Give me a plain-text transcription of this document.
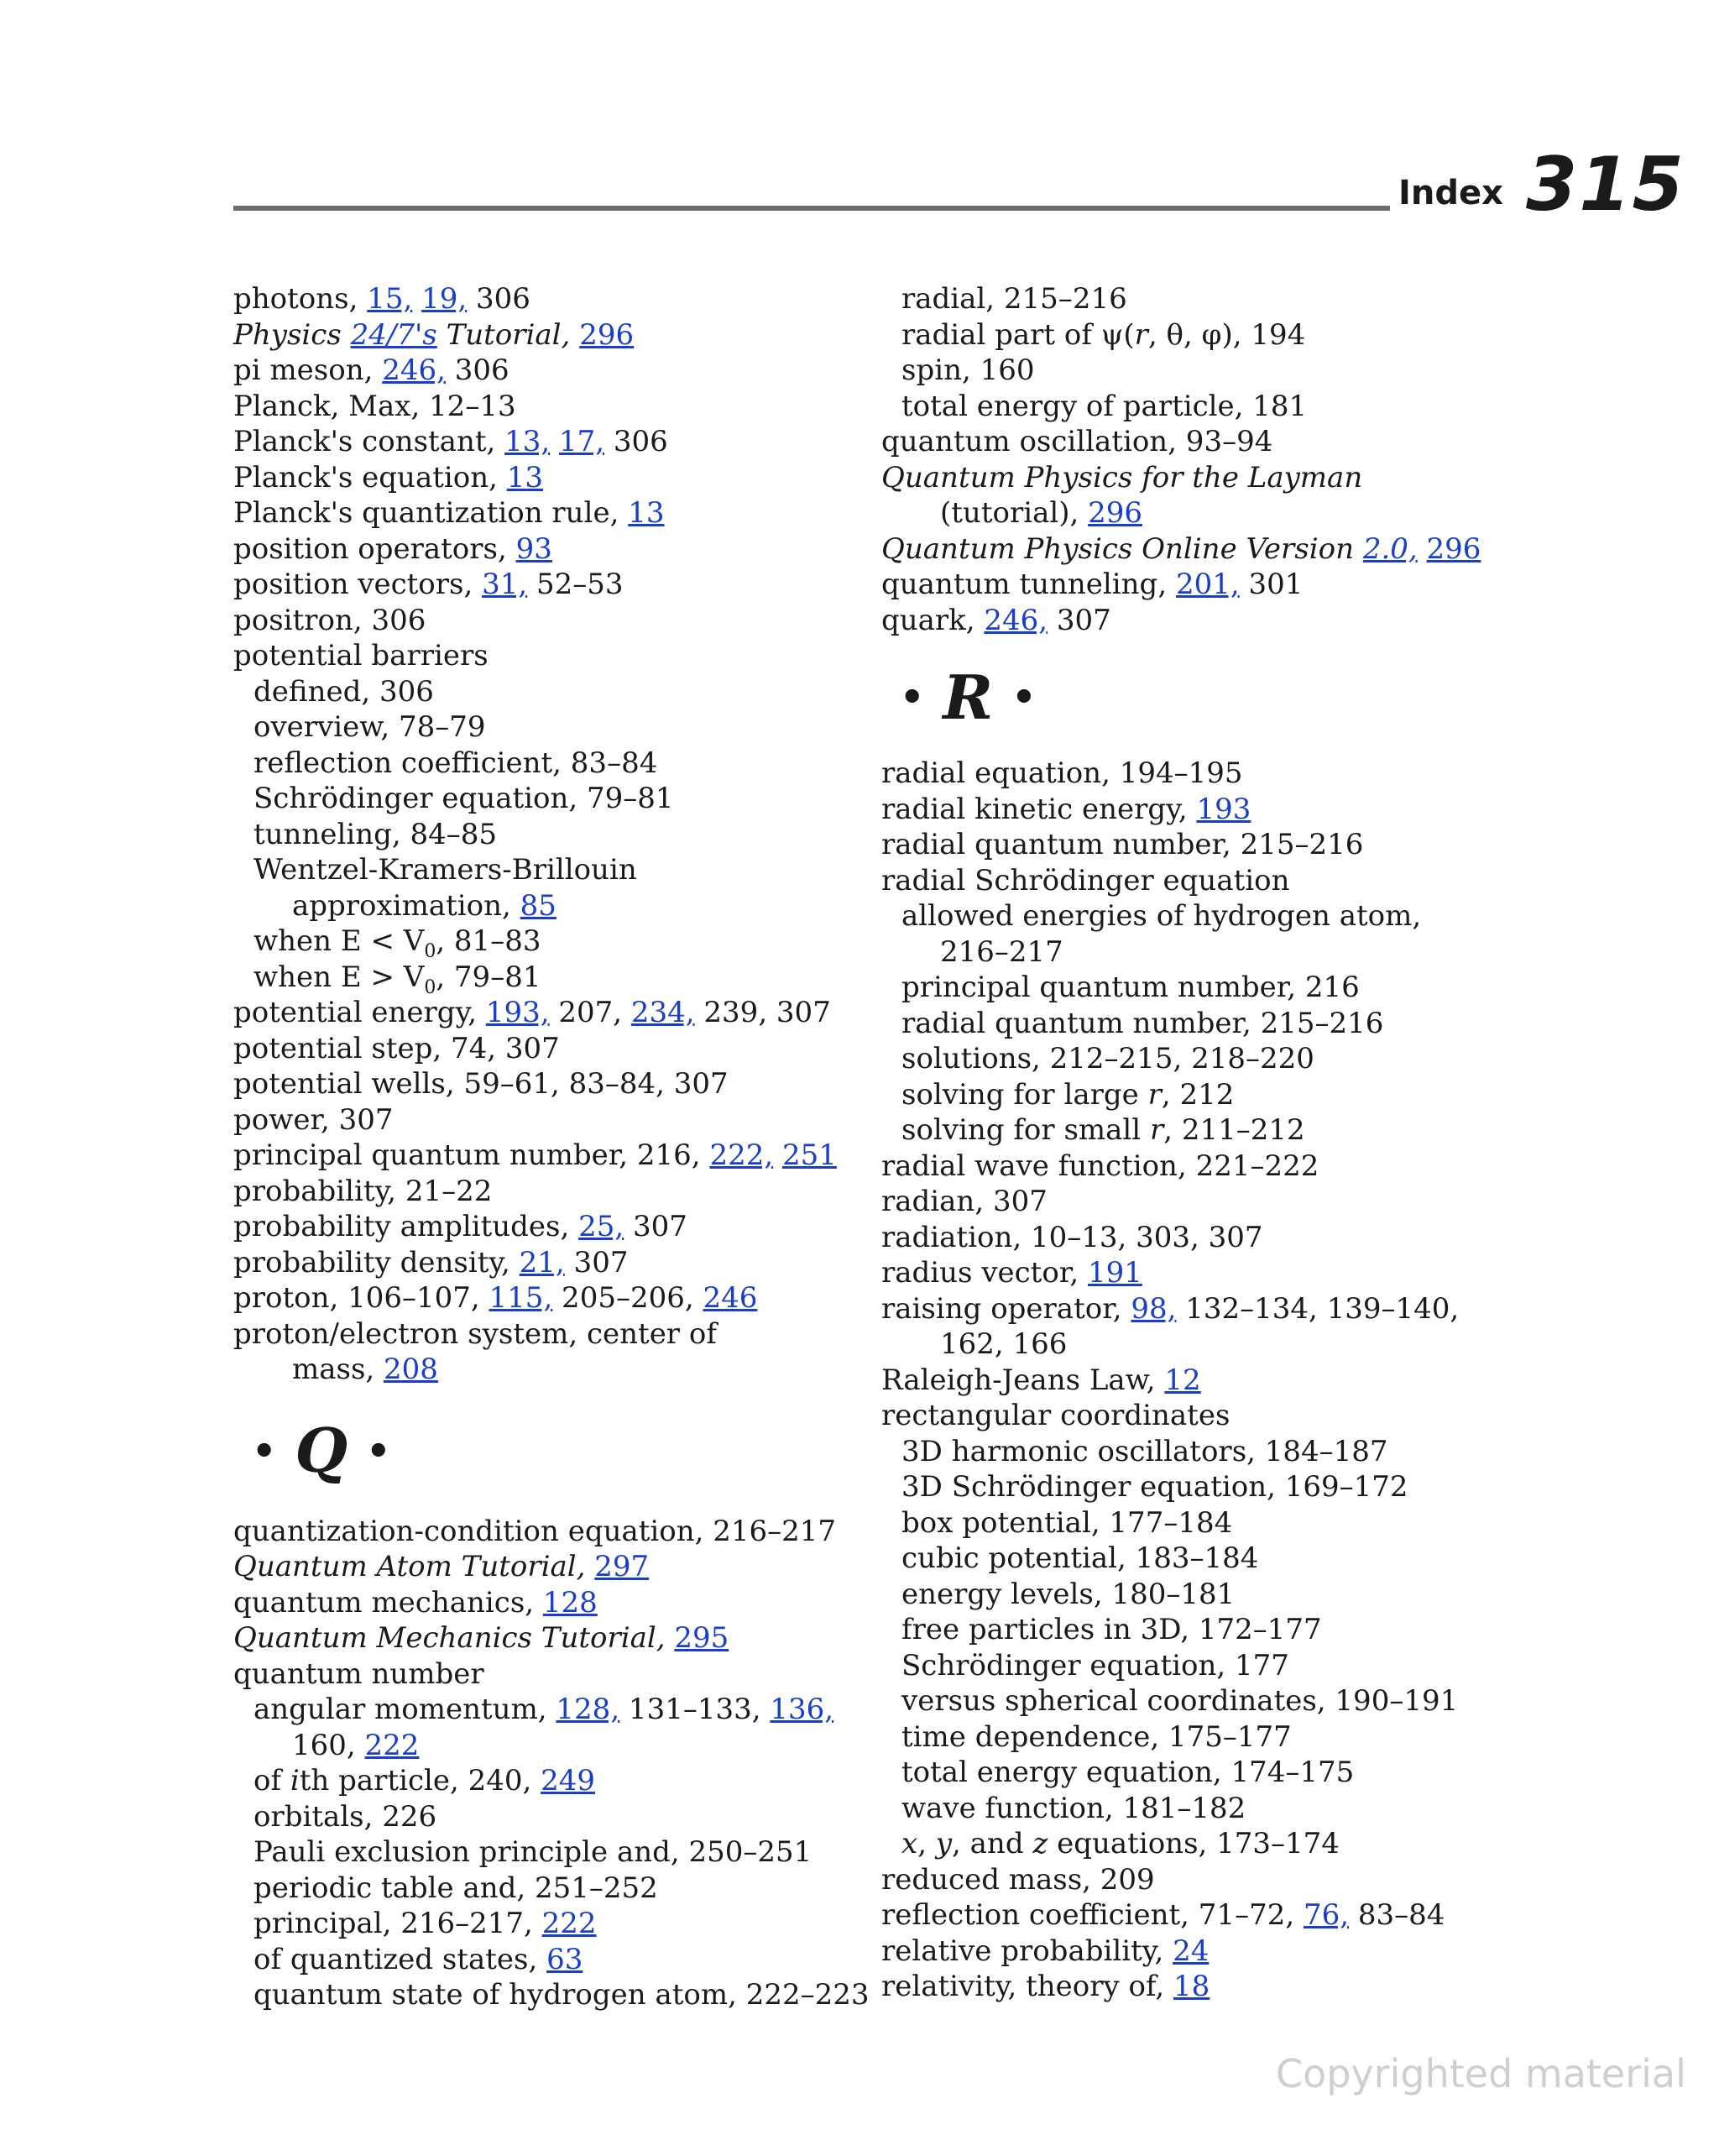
Index 315
photons, 15, 19, 306
Physics 24/7's Tutorial, 296
pi meson, 246, 306
Planck, Max, 12–13
Planck's constant, 13, 17, 306
Planck's equation, 13
Planck's quantization rule, 13
position operators, 93
position vectors, 31, 52–53
positron, 306
potential barriers
defined, 306
overview, 78–79
reflection coefficient, 83–84
Schrödinger equation, 79–81
tunneling, 84–85
Wentzel-Kramers-Brillouin
approximation, 85
when $E < V_0$, 81–83
when $E > V_0$, 79–81
potential energy, 193, 207, 234, 239, 307
potential step, 74, 307
potential wells, 59–61, 83–84, 307
power, 307
principal quantum number, 216, 222, 251
probability, 21–22
probability amplitudes, 25, 307
probability density, 21, 307
proton, 106–107, 115, 205–206, 246
proton/electron system, center of
mass, 208
• Q •
quantization-condition equation, 216–217
Quantum Atom Tutorial, 297
quantum mechanics, 128
Quantum Mechanics Tutorial, 295
quantum number
angular momentum, 128, 131–133, 136,
160, 222
of ith particle, 240, 249
orbitals, 226
Pauli exclusion principle and, 250–251
periodic table and, 251–252
principal, 216–217, 222
of quantized states, 63
quantum state of hydrogen atom, 222–223
radial, 215–216
radial part of ψ(r, θ, φ), 194
spin, 160
total energy of particle, 181
quantum oscillation, 93–94
Quantum Physics for the Layman
(tutorial), 296
Quantum Physics Online Version 2.0, 296
quantum tunneling, 201, 301
quark, 246, 307
• R •
radial equation, 194–195
radial kinetic energy, 193
radial quantum number, 215–216
radial Schrödinger equation
allowed energies of hydrogen atom,
216–217
principal quantum number, 216
radial quantum number, 215–216
solutions, 212–215, 218–220
solving for large r, 212
solving for small r, 211–212
radial wave function, 221–222
radian, 307
radiation, 10–13, 303, 307
radius vector, 191
raising operator, 98, 132–134, 139–140,
162, 166
Raleigh-Jeans Law, 12
rectangular coordinates
3D harmonic oscillators, 184–187
3D Schrödinger equation, 169–172
box potential, 177–184
cubic potential, 183–184
energy levels, 180–181
free particles in 3D, 172–177
Schrödinger equation, 177
versus spherical coordinates, 190–191
time dependence, 175–177
total energy equation, 174–175
wave function, 181–182
x, y, and z equations, 173–174
reduced mass, 209
reflection coefficient, 71–72, 76, 83–84
relative probability, 24
relativity, theory of, 18
Copyrighted material
